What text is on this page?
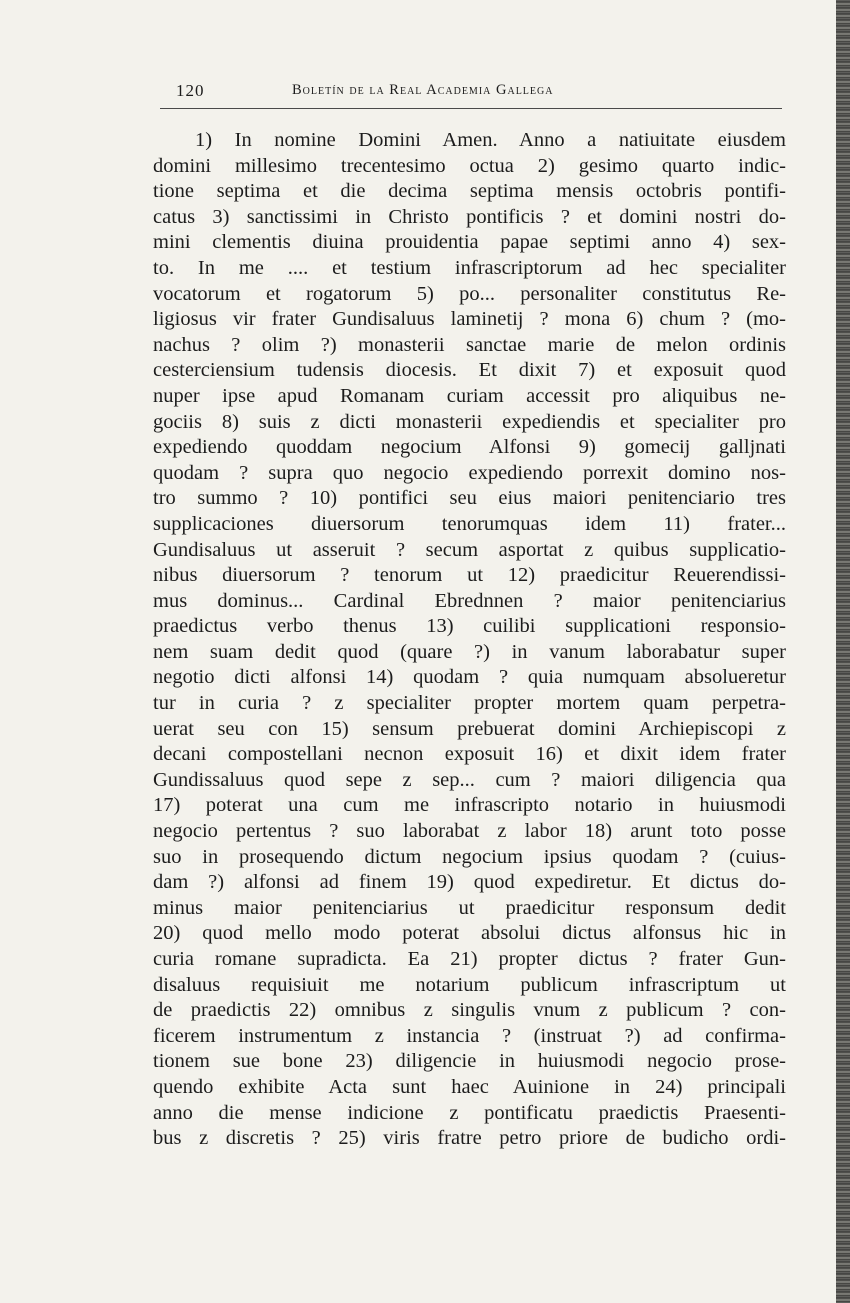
120	Boletín de la Real Academia Gallega
1) In nomine Domini Amen. Anno a natiuitate eiusdem
domini millesimo trecentesimo octua 2) gesimo quarto indic-
tione septima et die decima septima mensis octobris pontifi-
catus 3) sanctissimi in Christo pontificis ? et domini nostri do-
mini clementis diuina prouidentia papae septimi anno 4) sex-
to. In me .... et testium infrascriptorum ad hec specialiter
vocatorum et rogatorum 5) po... personaliter constitutus Re-
ligiosus vir frater Gundisaluus laminetij ? mona 6) chum ? (mo-
nachus ? olim ?) monasterii sanctae marie de melon ordinis
cesterciensium tudensis diocesis. Et dixit 7) et exposuit quod
nuper ipse apud Romanam curiam accessit pro aliquibus ne-
gociis 8) suis z dicti monasterii expediendis et specialiter pro
expediendo quoddam negocium Alfonsi 9) gomecij galljnati
quodam ? supra quo negocio expediendo porrexit domino nos-
tro summo ? 10) pontifici seu eius maiori penitenciario tres
supplicaciones diuersorum tenorumquas idem 11) frater...
Gundisaluus ut asseruit ? secum asportat z quibus supplicatio-
nibus diuersorum ? tenorum ut 12) praedicitur Reuerendissi-
mus dominus... Cardinal Ebrednnen ? maior penitenciarius
praedictus verbo thenus 13) cuilibi supplicationi responsio-
nem suam dedit quod (quare ?) in vanum laborabatur super
negotio dicti alfonsi 14) quodam ? quia numquam absolueretur
tur in curia ? z specialiter propter mortem quam perpetra-
uerat seu con 15) sensum prebuerat domini Archiepiscopi z
decani compostellani necnon exposuit 16) et dixit idem frater
Gundissaluus quod sepe z sep... cum ? maiori diligencia qua
17) poterat una cum me infrascripto notario in huiusmodi
negocio pertentus ? suo laborabat z labor 18) arunt toto posse
suo in prosequendo dictum negocium ipsius quodam ? (cuius-
dam ?) alfonsi ad finem 19) quod expediretur. Et dictus do-
minus maior penitenciarius ut praedicitur responsum dedit
20) quod mello modo poterat absolui dictus alfonsus hic in
curia romane supradicta. Ea 21) propter dictus ? frater Gun-
disaluus requisiuit me notarium publicum infrascriptum ut
de praedictis 22) omnibus z singulis vnum z publicum ? con-
ficerem instrumentum z instancia ? (instruat ?) ad confirma-
tionem sue bone 23) diligencie in huiusmodi negocio prose-
quendo exhibite Acta sunt haec Auinione in 24) principali
anno die mense indicione z pontificatu praedictis Praesenti-
bus z discretis ? 25) viris fratre petro priore de budicho ordi-
